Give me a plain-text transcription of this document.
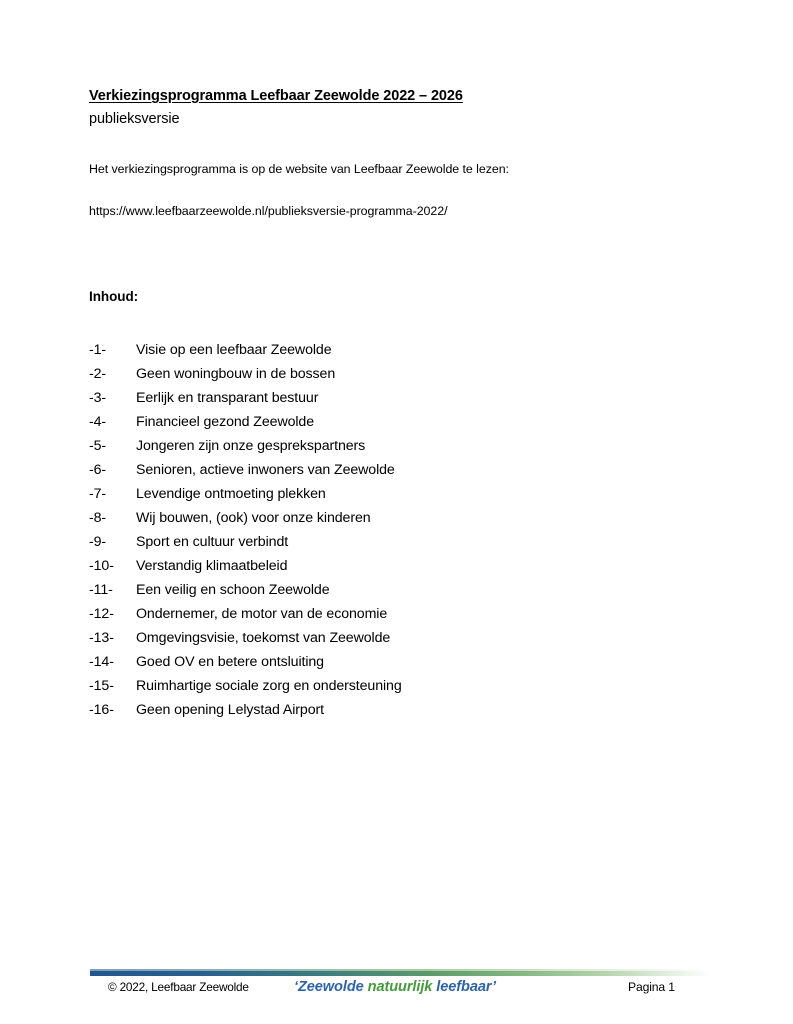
Verkiezingsprogramma Leefbaar Zeewolde 2022 – 2026

publieksversie

Het verkiezingsprogramma is op de website van Leefbaar Zeewolde te lezen:

https://www.leefbaarzeewolde.nl/publieksversie-programma-2022/

Inhoud:
-1-	Visie op een leefbaar Zeewolde
-2-	Geen woningbouw in de bossen
-3-	Eerlijk en transparant bestuur
-4-	Financieel gezond Zeewolde
-5-	Jongeren zijn onze gesprekspartners
-6-	Senioren, actieve inwoners van Zeewolde
-7-	Levendige ontmoeting plekken
-8-	Wij bouwen, (ook) voor onze kinderen
-9-	Sport en cultuur verbindt
-10-	Verstandig klimaatbeleid
-11-	Een veilig en schoon Zeewolde
-12-	Ondernemer, de motor van de economie
-13-	Omgevingsvisie, toekomst van Zeewolde
-14-	Goed OV en betere ontsluiting
-15-	Ruimhartige sociale zorg en ondersteuning
-16-	Geen opening Lelystad Airport
© 2022, Leefbaar Zeewolde	‘Zeewolde natuurlijk leefbaar’	Pagina 1
